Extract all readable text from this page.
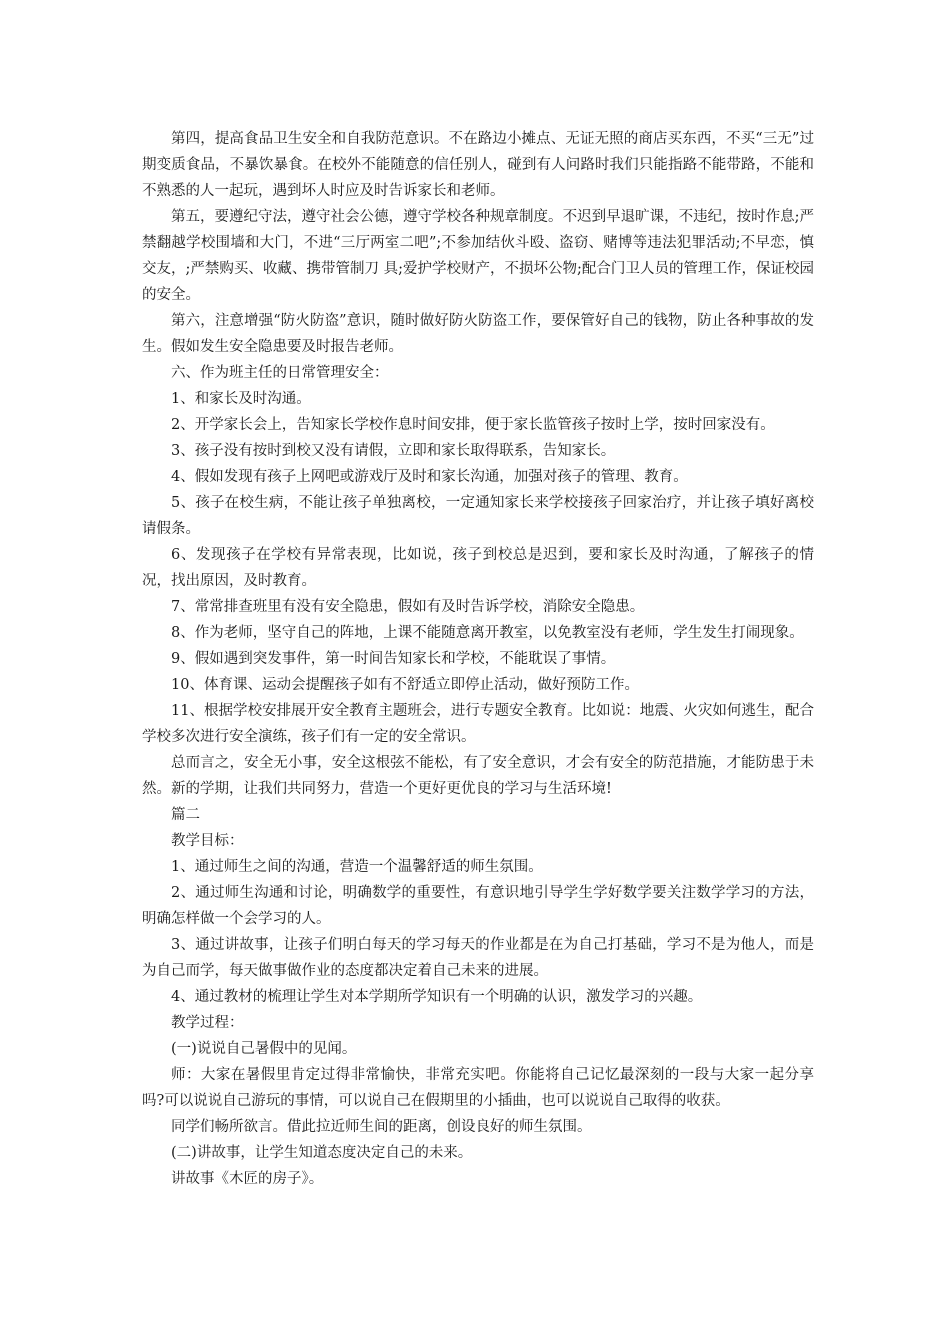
第四，提高食品卫生安全和自我防范意识。不在路边小摊点、无证无照的商店买东西，不买“三无”过期变质食品，不暴饮暴食。在校外不能随意的信任别人，碰到有人问路时我们只能指路不能带路，不能和不熟悉的人一起玩，遇到坏人时应及时告诉家长和老师。

第五，要遵纪守法，遵守社会公德，遵守学校各种规章制度。不迟到早退旷课，不违纪，按时作息;严禁翻越学校围墙和大门，不进“三厅两室二吧”;不参加结伙斗殴、盗窃、赌博等违法犯罪活动;不早恋，慎交友，;严禁购买、收藏、携带管制刀 具;爱护学校财产，不损坏公物;配合门卫人员的管理工作，保证校园的安全。

第六，注意增强“防火防盗”意识，随时做好防火防盗工作，要保管好自己的钱物，防止各种事故的发生。假如发生安全隐患要及时报告老师。

六、作为班主任的日常管理安全：

1、和家长及时沟通。

2、开学家长会上，告知家长学校作息时间安排，便于家长监管孩子按时上学，按时回家没有。

3、孩子没有按时到校又没有请假，立即和家长取得联系，告知家长。

4、假如发现有孩子上网吧或游戏厅及时和家长沟通，加强对孩子的管理、教育。

5、孩子在校生病，不能让孩子单独离校，一定通知家长来学校接孩子回家治疗，并让孩子填好离校请假条。

6、发现孩子在学校有异常表现，比如说，孩子到校总是迟到，要和家长及时沟通，了解孩子的情况，找出原因，及时教育。

7、常常排查班里有没有安全隐患，假如有及时告诉学校，消除安全隐患。

8、作为老师，坚守自己的阵地，上课不能随意离开教室，以免教室没有老师，学生发生打闹现象。

9、假如遇到突发事件，第一时间告知家长和学校，不能耽误了事情。

10、体育课、运动会提醒孩子如有不舒适立即停止活动，做好预防工作。

11、根据学校安排展开安全教育主题班会，进行专题安全教育。比如说：地震、火灾如何逃生，配合学校多次进行安全演练，孩子们有一定的安全常识。

总而言之，安全无小事，安全这根弦不能松，有了安全意识，才会有安全的防范措施，才能防患于未然。新的学期，让我们共同努力，营造一个更好更优良的学习与生活环境!

篇二

教学目标：

1、通过师生之间的沟通，营造一个温馨舒适的师生氛围。

2、通过师生沟通和讨论，明确数学的重要性，有意识地引导学生学好数学要关注数学学习的方法，明确怎样做一个会学习的人。

3、通过讲故事，让孩子们明白每天的学习每天的作业都是在为自己打基础，学习不是为他人，而是为自己而学，每天做事做作业的态度都决定着自己未来的进展。

4、通过教材的梳理让学生对本学期所学知识有一个明确的认识，激发学习的兴趣。

教学过程：

(一)说说自己暑假中的见闻。

师：大家在暑假里肯定过得非常愉快，非常充实吧。你能将自己记忆最深刻的一段与大家一起分享吗?可以说说自己游玩的事情，可以说自己在假期里的小插曲，也可以说说自己取得的收获。

同学们畅所欲言。借此拉近师生间的距离，创设良好的师生氛围。

(二)讲故事，让学生知道态度决定自己的未来。

讲故事《木匠的房子》。
